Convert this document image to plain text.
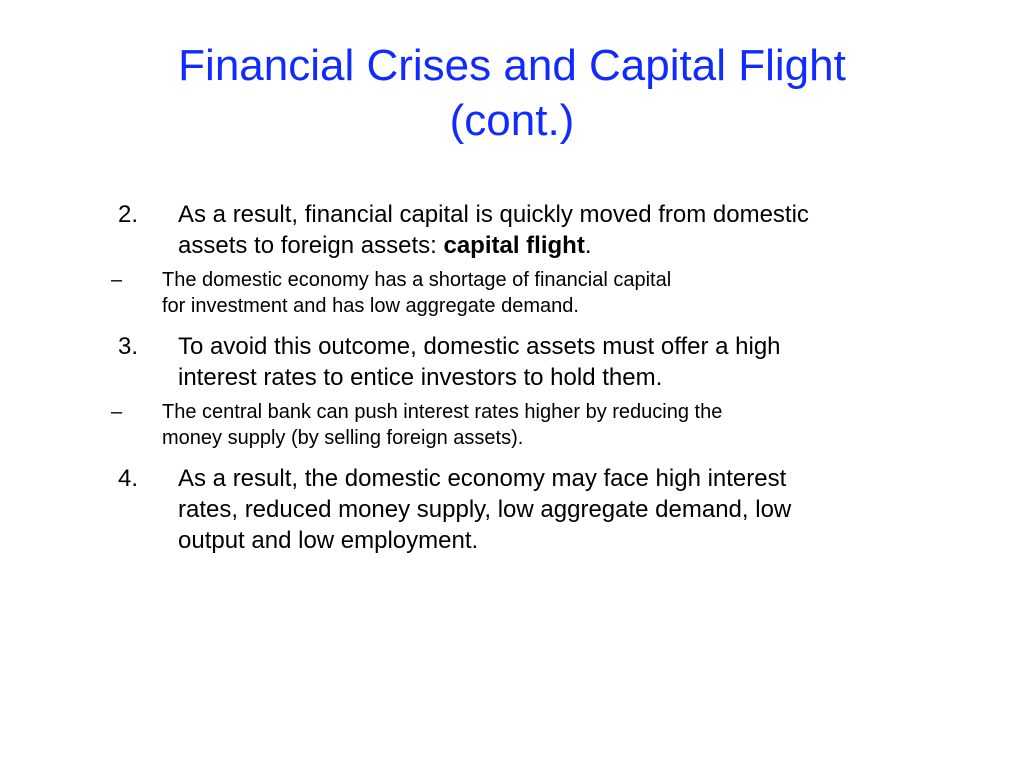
Financial Crises and Capital Flight
(cont.)
2. As a result, financial capital is quickly moved from domestic
assets to foreign assets: capital flight.
– The domestic economy has a shortage of financial capital
for investment and has low aggregate demand.
3. To avoid this outcome, domestic assets must offer a high
interest rates to entice investors to hold them.
– The central bank can push interest rates higher by reducing the
money supply (by selling foreign assets).
4. As a result, the domestic economy may face high interest
rates, reduced money supply, low aggregate demand, low
output and low employment.
